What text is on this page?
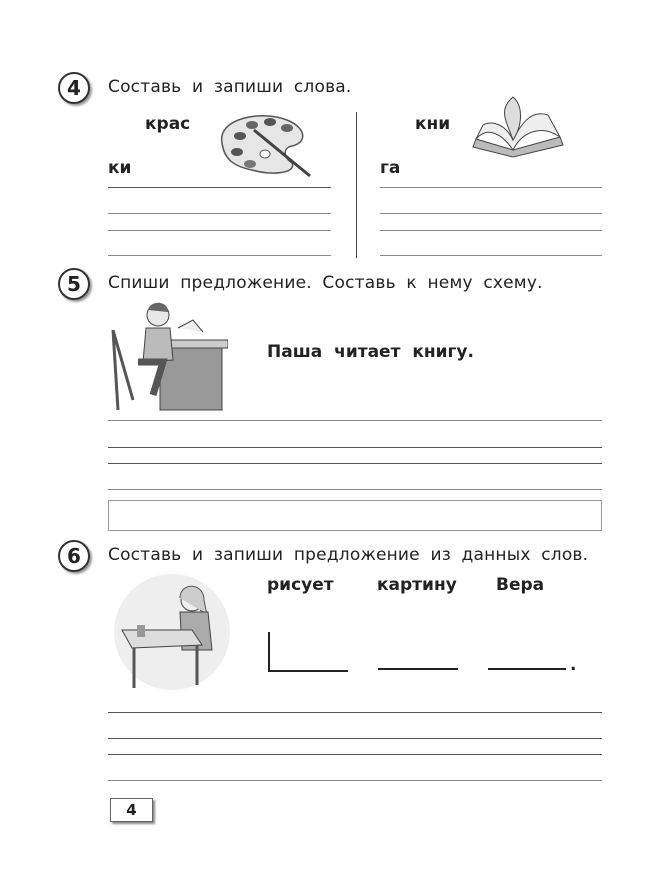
4	Составь и запиши слова.
крас
ки
кни
га
5	Спиши предложение. Составь к нему схему.
Паша читает книгу.
6	Составь и запиши предложение из данных слов.
рисует	картину Вера
.
4
